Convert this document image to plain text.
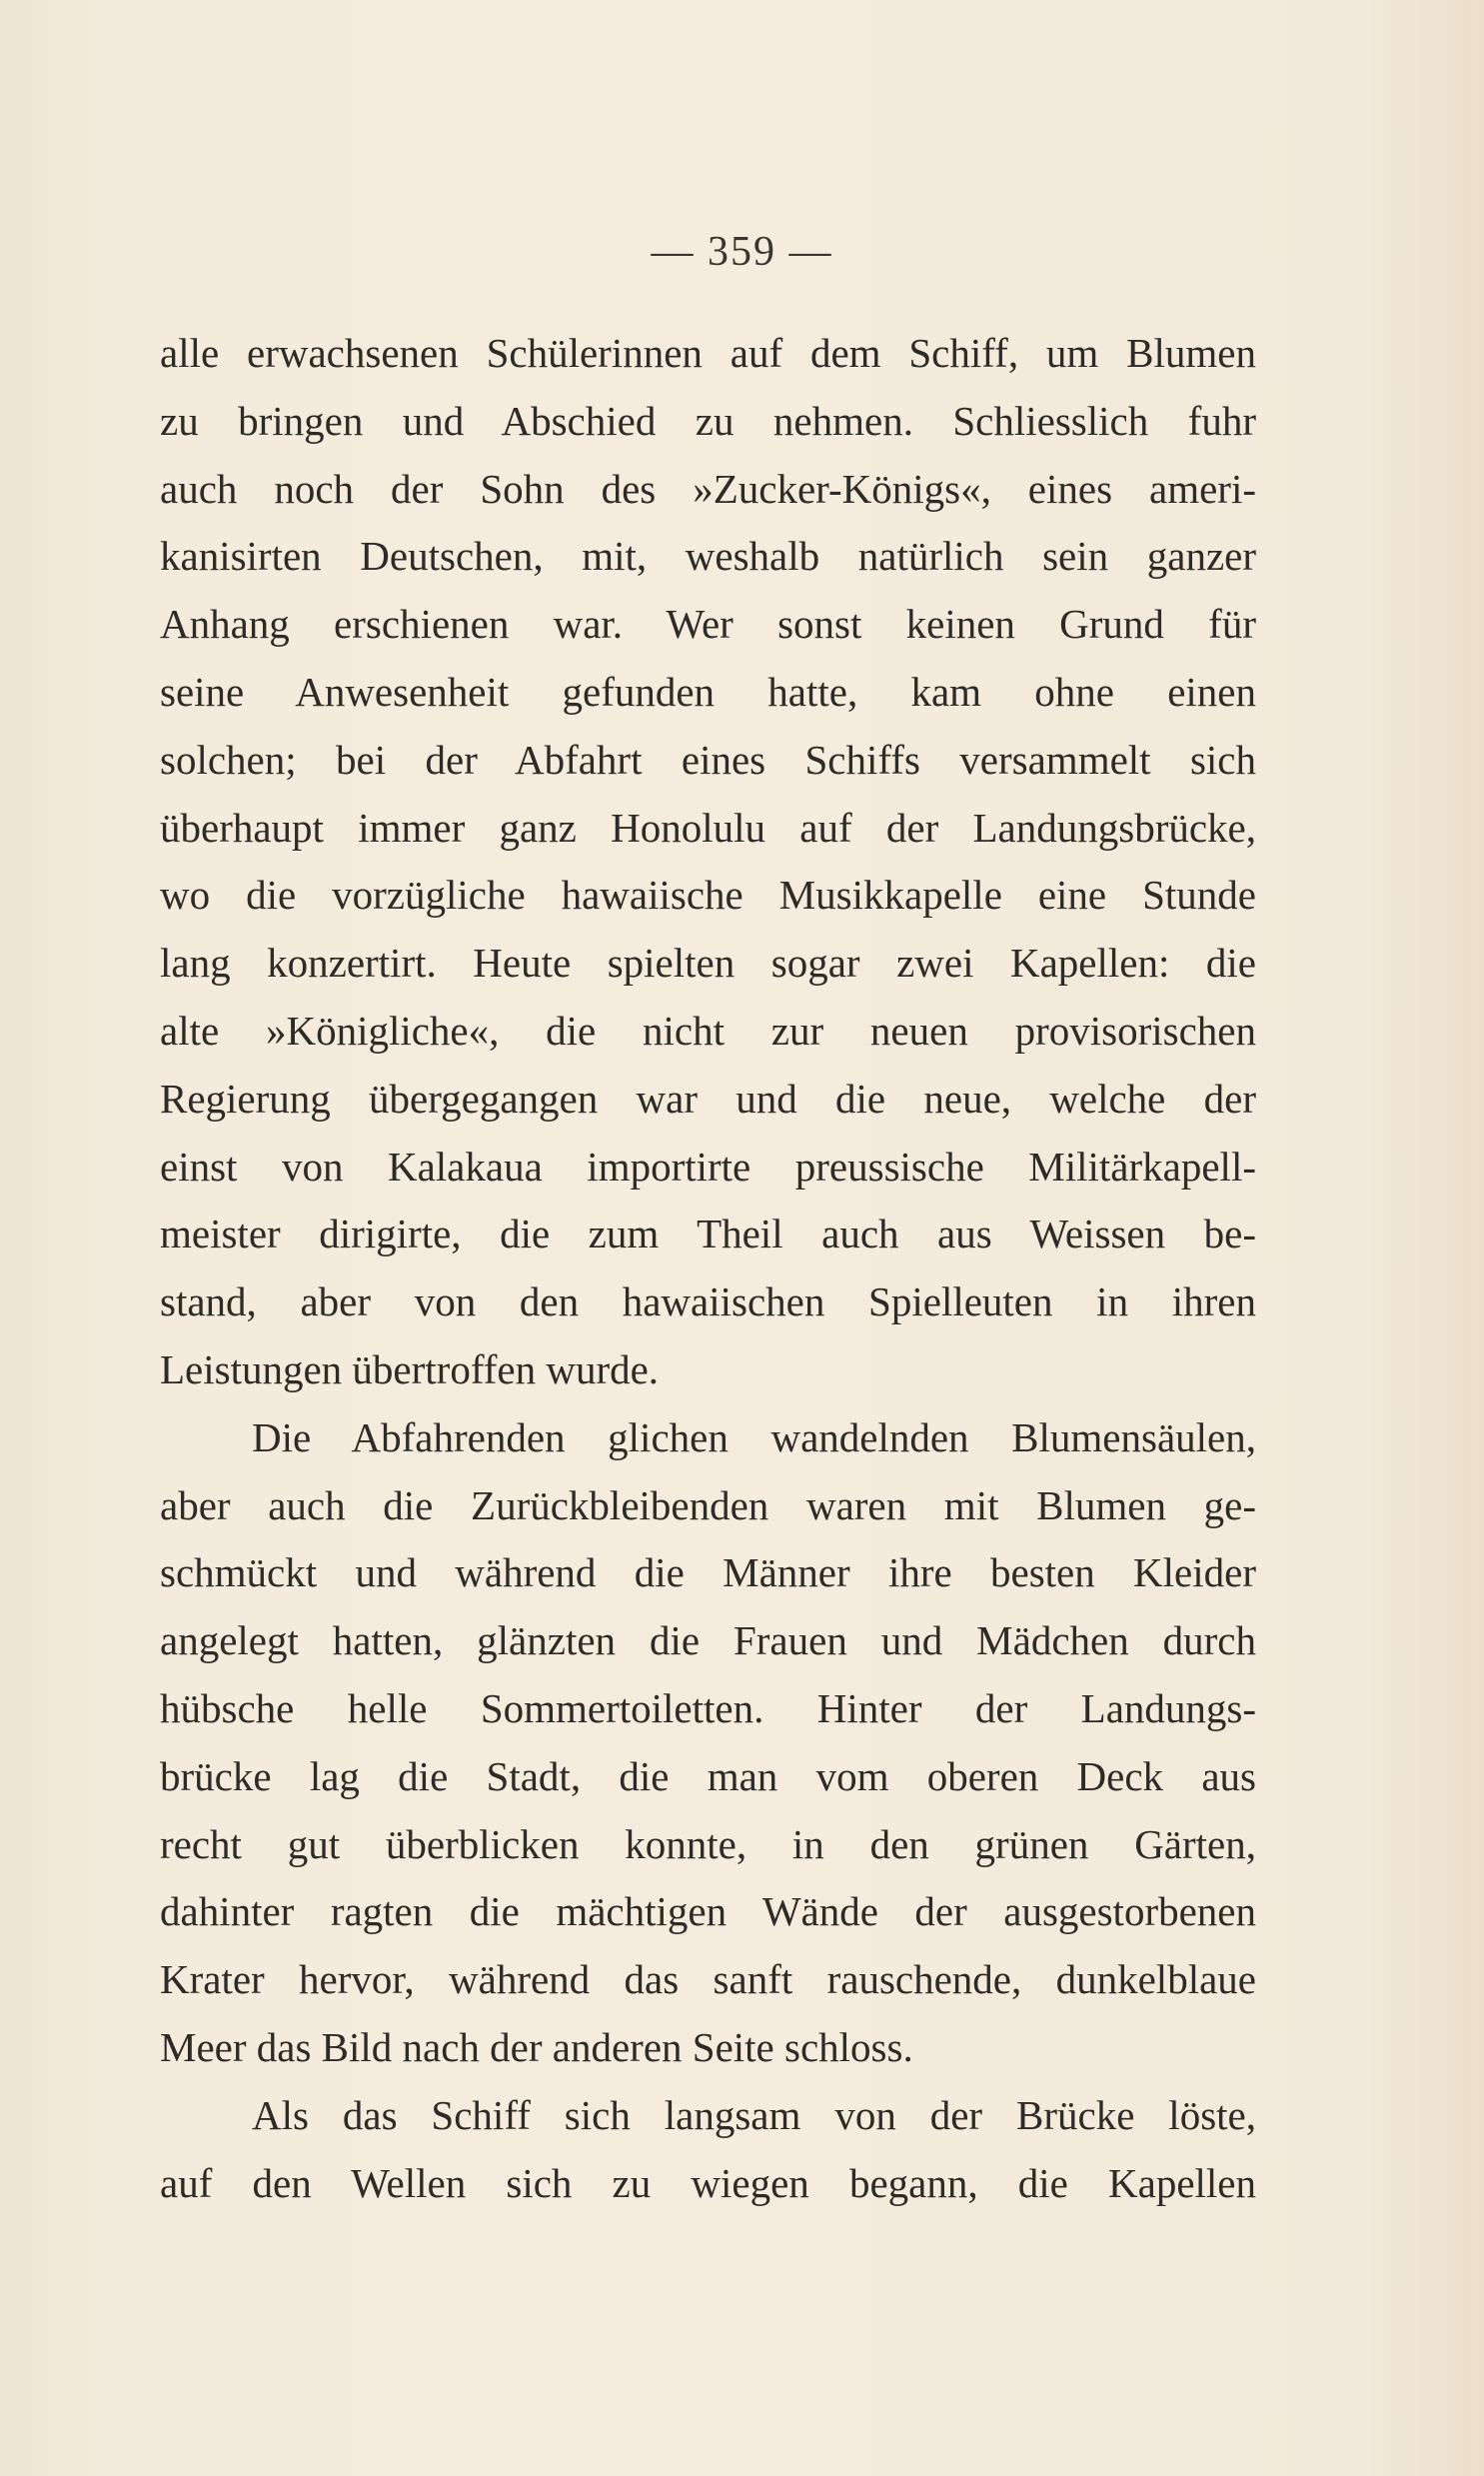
— 359 —
alle erwachsenen Schülerinnen auf dem Schiff, um Blumen
zu bringen und Abschied zu nehmen. Schliesslich fuhr
auch noch der Sohn des »Zucker-Königs«, eines ameri-
kanisirten Deutschen, mit, weshalb natürlich sein ganzer
Anhang erschienen war. Wer sonst keinen Grund für
seine Anwesenheit gefunden hatte, kam ohne einen
solchen; bei der Abfahrt eines Schiffs versammelt sich
überhaupt immer ganz Honolulu auf der Landungsbrücke,
wo die vorzügliche hawaiische Musikkapelle eine Stunde
lang konzertirt. Heute spielten sogar zwei Kapellen: die
alte »Königliche«, die nicht zur neuen provisorischen
Regierung übergegangen war und die neue, welche der
einst von Kalakaua importirte preussische Militärkapell-
meister dirigirte, die zum Theil auch aus Weissen be-
stand, aber von den hawaiischen Spielleuten in ihren
Leistungen übertroffen wurde.
Die Abfahrenden glichen wandelnden Blumensäulen,
aber auch die Zurückbleibenden waren mit Blumen ge-
schmückt und während die Männer ihre besten Kleider
angelegt hatten, glänzten die Frauen und Mädchen durch
hübsche helle Sommertoiletten. Hinter der Landungs-
brücke lag die Stadt, die man vom oberen Deck aus
recht gut überblicken konnte, in den grünen Gärten,
dahinter ragten die mächtigen Wände der ausgestorbenen
Krater hervor, während das sanft rauschende, dunkelblaue
Meer das Bild nach der anderen Seite schloss.
Als das Schiff sich langsam von der Brücke löste,
auf den Wellen sich zu wiegen begann, die Kapellen
